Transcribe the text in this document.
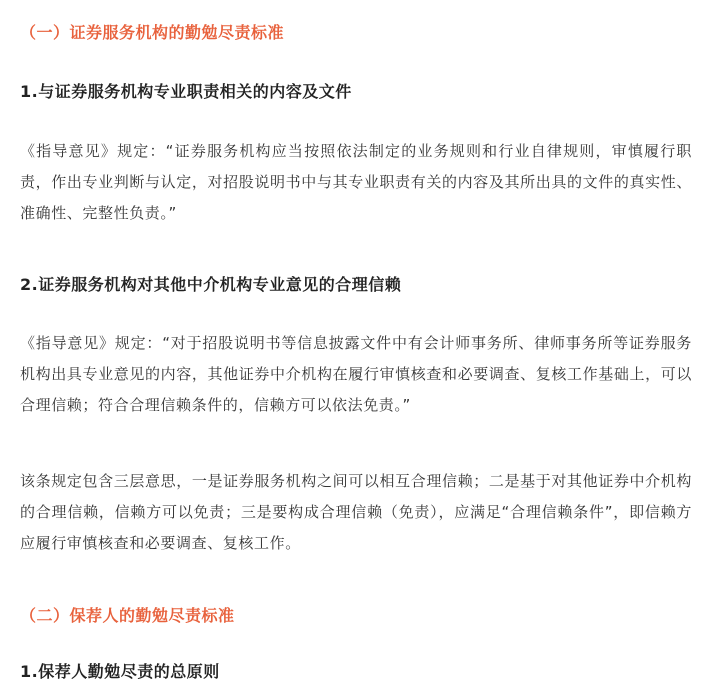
（一）证券服务机构的勤勉尽责标准
1.与证券服务机构专业职责相关的内容及文件

《指导意见》规定：“证券服务机构应当按照依法制定的业务规则和行业自律规则，审慎履行职责，作出专业判断与认定，对招股说明书中与其专业职责有关的内容及其所出具的文件的真实性、准确性、完整性负责。”

2.证券服务机构对其他中介机构专业意见的合理信赖

《指导意见》规定：“对于招股说明书等信息披露文件中有会计师事务所、律师事务所等证券服务机构出具专业意见的内容，其他证券中介机构在履行审慎核查和必要调查、复核工作基础上，可以合理信赖；符合合理信赖条件的，信赖方可以依法免责。”

该条规定包含三层意思，一是证券服务机构之间可以相互合理信赖；二是基于对其他证券中介机构的合理信赖，信赖方可以免责；三是要构成合理信赖（免责），应满足“合理信赖条件”，即信赖方应履行审慎核查和必要调查、复核工作。

（二）保荐人的勤勉尽责标准
1.保荐人勤勉尽责的总原则
